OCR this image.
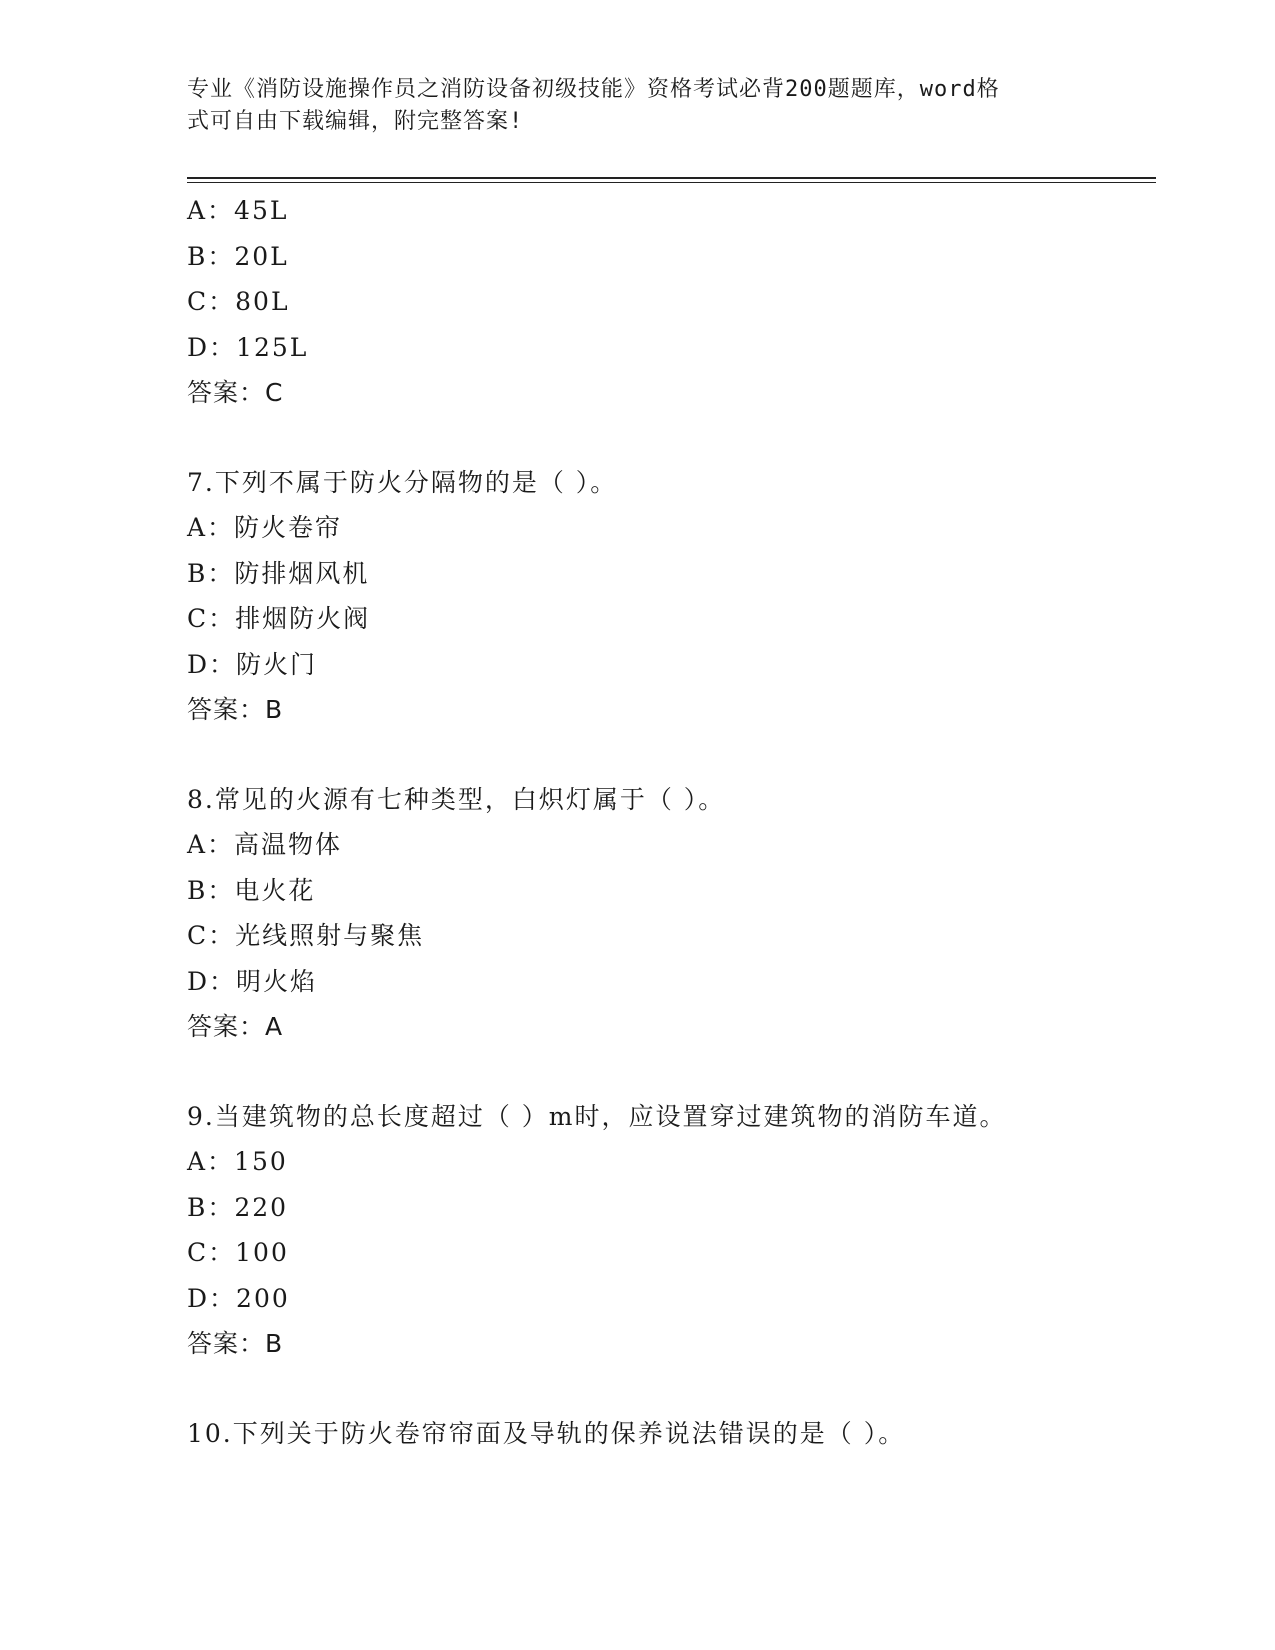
专业《消防设施操作员之消防设备初级技能》资格考试必背200题题库，word格
式可自由下载编辑，附完整答案!
A：45L
B：20L
C：80L
D：125L
答案：C
7.下列不属于防火分隔物的是（ ）。
A：防火卷帘
B：防排烟风机
C：排烟防火阀
D：防火门
答案：B
8.常见的火源有七种类型，白炽灯属于（ ）。
A：高温物体
B：电火花
C：光线照射与聚焦
D：明火焰
答案：A
9.当建筑物的总长度超过（ ）m时，应设置穿过建筑物的消防车道。
A：150
B：220
C：100
D：200
答案：B
10.下列关于防火卷帘帘面及导轨的保养说法错误的是（ ）。
